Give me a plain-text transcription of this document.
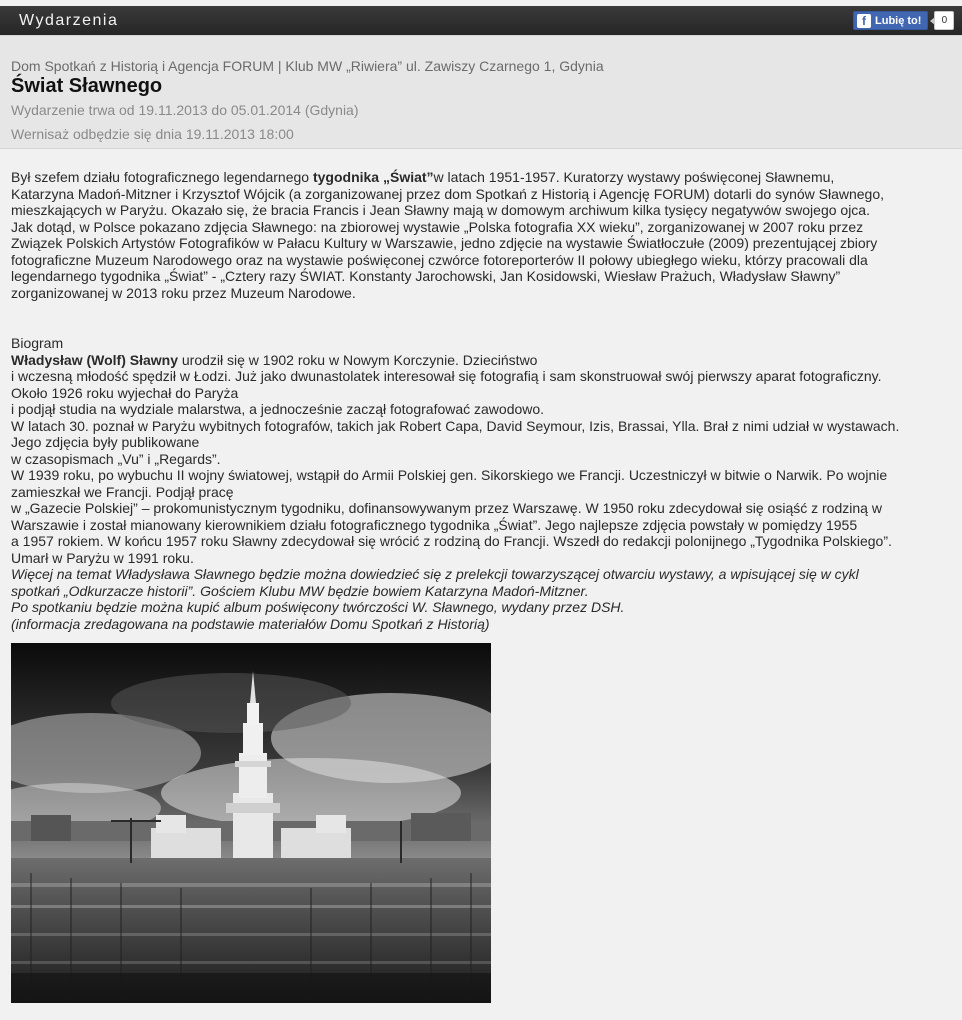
Wydarzenia	f Lubię to!	0
Dom Spotkań z Historią i Agencja FORUM | Klub MW „Riwiera” ul. Zawiszy Czarnego 1, Gdynia
Świat Sławnego
Wydarzenie trwa od 19.11.2013 do 05.01.2014 (Gdynia)
Wernisaż odbędzie się dnia 19.11.2013 18:00

Był szefem działu fotograficznego legendarnego tygodnika „Świat”w latach 1951-1957. Kuratorzy wystawy poświęconej Sławnemu,

Katarzyna Madoń-Mitzner i Krzysztof Wójcik (a zorganizowanej przez dom Spotkań z Historią i Agencję FORUM) dotarli do synów Sławnego,

mieszkających w Paryżu. Okazało się, że bracia Francis i Jean Sławny mają w domowym archiwum kilka tysięcy negatywów swojego ojca.

Jak dotąd, w Polsce pokazano zdjęcia Sławnego: na zbiorowej wystawie „Polska fotografia XX wieku”, zorganizowanej w 2007 roku przez

Związek Polskich Artystów Fotografików w Pałacu Kultury w Warszawie, jedno zdjęcie na wystawie Światłoczułe (2009) prezentującej zbiory

fotograficzne Muzeum Narodowego oraz na wystawie poświęconej czwórce fotoreporterów II połowy ubiegłego wieku, którzy pracowali dla

legendarnego tygodnika „Świat” - „Cztery razy ŚWIAT. Konstanty Jarochowski, Jan Kosidowski, Wiesław Prażuch, Władysław Sławny”

zorganizowanej w 2013 roku przez Muzeum Narodowe.

Biogram

Władysław (Wolf) Sławny urodził się w 1902 roku w Nowym Korczynie. Dzieciństwo

i wczesną młodość spędził w Łodzi. Już jako dwunastolatek interesował się fotografią i sam skonstruował swój pierwszy aparat fotograficzny.

Około 1926 roku wyjechał do Paryża

i podjął studia na wydziale malarstwa, a jednocześnie zaczął fotografować zawodowo.

W latach 30. poznał w Paryżu wybitnych fotografów, takich jak Robert Capa, David Seymour, Izis, Brassai, Ylla. Brał z nimi udział w wystawach.

Jego zdjęcia były publikowane

w czasopismach „Vu” i „Regards”.

W 1939 roku, po wybuchu II wojny światowej, wstąpił do Armii Polskiej gen. Sikorskiego we Francji. Uczestniczył w bitwie o Narwik. Po wojnie

zamieszkał we Francji. Podjął pracę

w „Gazecie Polskiej” – prokomunistycznym tygodniku, dofinansowywanym przez Warszawę. W 1950 roku zdecydował się osiąść z rodziną w

Warszawie i został mianowany kierownikiem działu fotograficznego tygodnika „Świat”. Jego najlepsze zdjęcia powstały w pomiędzy 1955

a 1957 rokiem. W końcu 1957 roku Sławny zdecydował się wrócić z rodziną do Francji. Wszedł do redakcji polonijnego „Tygodnika Polskiego”.

Umarł w Paryżu w 1991 roku.

Więcej na temat Władysława Sławnego będzie można dowiedzieć się z prelekcji towarzyszącej otwarciu wystawy, a wpisującej się w cykl

spotkań „Odkurzacze historii”. Gościem Klubu MW będzie bowiem Katarzyna Madoń-Mitzner.

Po spotkaniu będzie można kupić album poświęcony twórczości W. Sławnego, wydany przez DSH.

(informacja zredagowana na podstawie materiałów Domu Spotkań z Historią)
